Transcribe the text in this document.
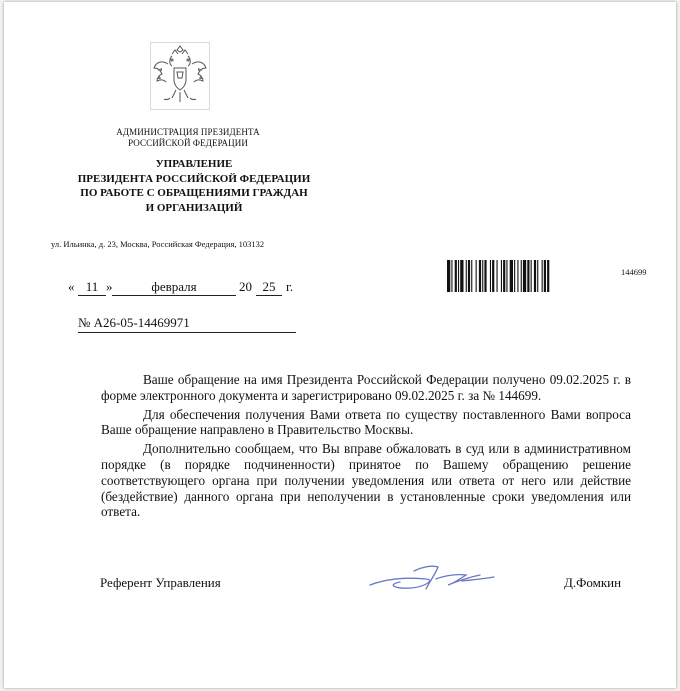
АДМИНИСТРАЦИЯ ПРЕЗИДЕНТА
РОССИЙСКОЙ ФЕДЕРАЦИИ
УПРАВЛЕНИЕ
ПРЕЗИДЕНТА РОССИЙСКОЙ ФЕДЕРАЦИИ
ПО РАБОТЕ С ОБРАЩЕНИЯМИ ГРАЖДАН
И ОРГАНИЗАЦИЙ
ул. Ильинка, д. 23, Москва, Российская Федерация, 103132
144699
« 11 »	февраля	20 25 г.
№ А26-05-14469971

Ваше обращение на имя Президента Российской Федерации получено 09.02.2025 г. в форме электронного документа и зарегистрировано 09.02.2025 г. за № 144699.

Для обеспечения получения Вами ответа по существу поставленного Вами вопроса Ваше обращение направлено в Правительство Москвы.

Дополнительно сообщаем, что Вы вправе обжаловать в суд или в административном порядке (в порядке подчиненности) принятое по Вашему обращению решение соответствующего органа при получении уведомления или ответа от него или действие (бездействие) данного органа при неполучении в установленные сроки уведомления или ответа.

Референт Управления	Д.Фомкин
